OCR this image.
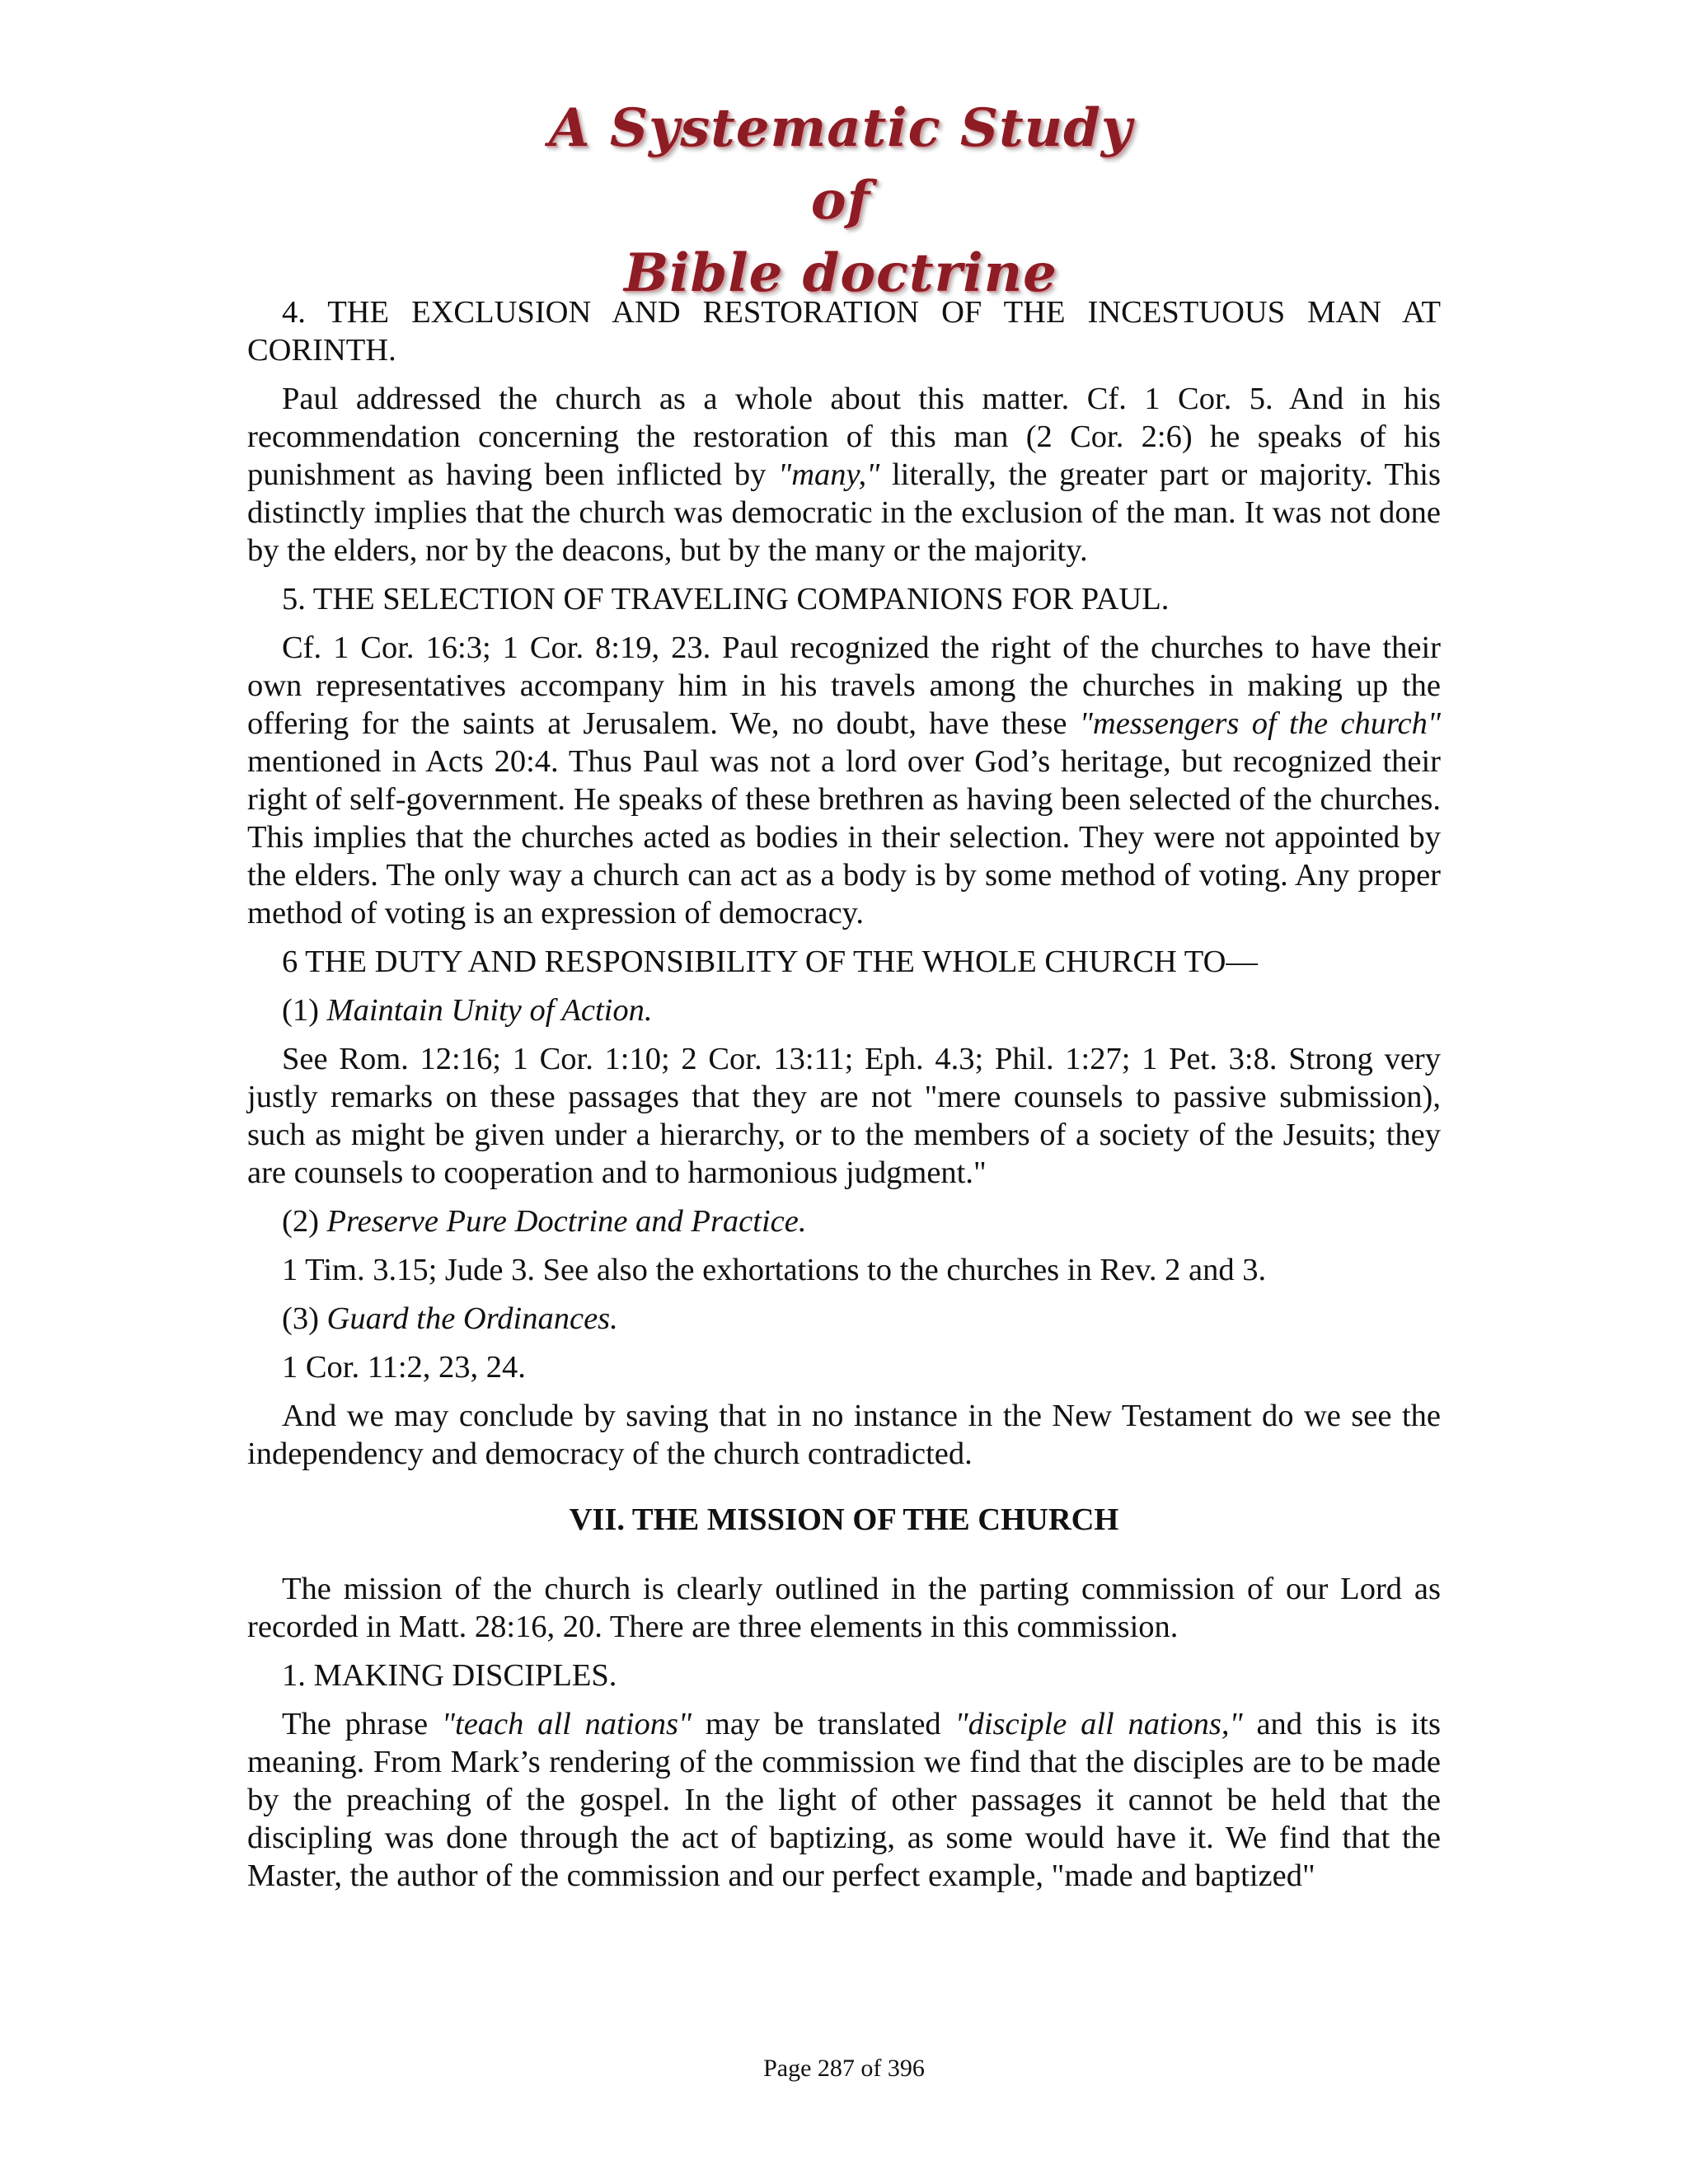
A Systematic Study of
Bible doctrine

4. THE EXCLUSION AND RESTORATION OF THE INCESTUOUS MAN AT CORINTH.

Paul addressed the church as a whole about this matter. Cf. 1 Cor. 5. And in his recommendation concerning the restoration of this man (2 Cor. 2:6) he speaks of his punishment as having been inflicted by "many," literally, the greater part or majority. This distinctly implies that the church was democratic in the exclusion of the man. It was not done by the elders, nor by the deacons, but by the many or the majority.

5. THE SELECTION OF TRAVELING COMPANIONS FOR PAUL.

Cf. 1 Cor. 16:3; 1 Cor. 8:19, 23. Paul recognized the right of the churches to have their own representatives accompany him in his travels among the churches in making up the offering for the saints at Jerusalem. We, no doubt, have these "messengers of the church" mentioned in Acts 20:4. Thus Paul was not a lord over God’s heritage, but recognized their right of self-government. He speaks of these brethren as having been selected of the churches. This implies that the churches acted as bodies in their selection. They were not appointed by the elders. The only way a church can act as a body is by some method of voting. Any proper method of voting is an expression of democracy.

6 THE DUTY AND RESPONSIBILITY OF THE WHOLE CHURCH TO—

(1) Maintain Unity of Action.

See Rom. 12:16; 1 Cor. 1:10; 2 Cor. 13:11; Eph. 4.3; Phil. 1:27; 1 Pet. 3:8. Strong very justly remarks on these passages that they are not "mere counsels to passive submission), such as might be given under a hierarchy, or to the members of a society of the Jesuits; they are counsels to cooperation and to harmonious judgment."

(2) Preserve Pure Doctrine and Practice.

1 Tim. 3.15; Jude 3. See also the exhortations to the churches in Rev. 2 and 3.

(3) Guard the Ordinances.

1 Cor. 11:2, 23, 24.

And we may conclude by saving that in no instance in the New Testament do we see the independency and democracy of the church contradicted.

VII. THE MISSION OF THE CHURCH

The mission of the church is clearly outlined in the parting commission of our Lord as recorded in Matt. 28:16, 20. There are three elements in this commission.

1. MAKING DISCIPLES.

The phrase "teach all nations" may be translated "disciple all nations," and this is its meaning. From Mark’s rendering of the commission we find that the disciples are to be made by the preaching of the gospel. In the light of other passages it cannot be held that the discipling was done through the act of baptizing, as some would have it. We find that the Master, the author of the commission and our perfect example, "made and baptized"

Page 287 of 396
